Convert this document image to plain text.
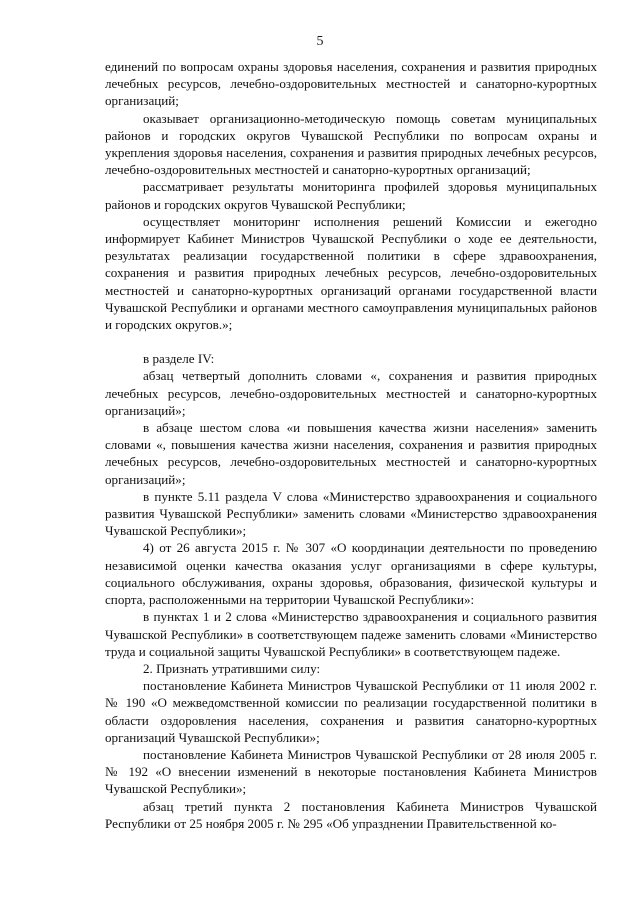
5

единений по вопросам охраны здоровья населения, сохранения и развития природных лечебных ресурсов, лечебно-оздоровительных местностей и санаторно-курортных организаций;

оказывает организационно-методическую помощь советам муниципальных районов и городских округов Чувашской Республики по вопросам охраны и укрепления здоровья населения, сохранения и развития природных лечебных ресурсов, лечебно-оздоровительных местностей и санаторно-курортных организаций;

рассматривает результаты мониторинга профилей здоровья муниципальных районов и городских округов Чувашской Республики;

осуществляет мониторинг исполнения решений Комиссии и ежегодно информирует Кабинет Министров Чувашской Республики о ходе ее деятельности, результатах реализации государственной политики в сфере здравоохранения, сохранения и развития природных лечебных ресурсов, лечебно-оздоровительных местностей и санаторно-курортных организаций органами государственной власти Чувашской Республики и органами местного самоуправления муниципальных районов и городских округов.»;

в разделе IV:

абзац четвертый дополнить словами «, сохранения и развития природных лечебных ресурсов, лечебно-оздоровительных местностей и санаторно-курортных организаций»;

в абзаце шестом слова «и повышения качества жизни населения» заменить словами «, повышения качества жизни населения, сохранения и развития природных лечебных ресурсов, лечебно-оздоровительных местностей и санаторно-курортных организаций»;

в пункте 5.11 раздела V слова «Министерство здравоохранения и социального развития Чувашской Республики» заменить словами «Министерство здравоохранения Чувашской Республики»;

4) от 26 августа 2015 г. № 307 «О координации деятельности по проведению независимой оценки качества оказания услуг организациями в сфере культуры, социального обслуживания, охраны здоровья, образования, физической культуры и спорта, расположенными на территории Чувашской Республики»:

в пунктах 1 и 2 слова «Министерство здравоохранения и социального развития Чувашской Республики» в соответствующем падеже заменить словами «Министерство труда и социальной защиты Чувашской Республики» в соответствующем падеже.

2. Признать утратившими силу:

постановление Кабинета Министров Чувашской Республики от 11 июля 2002 г. № 190 «О межведомственной комиссии по реализации государственной политики в области оздоровления населения, сохранения и развития санаторно-курортных организаций Чувашской Республики»;

постановление Кабинета Министров Чувашской Республики от 28 июля 2005 г. № 192 «О внесении изменений в некоторые постановления Кабинета Министров Чувашской Республики»;

абзац третий пункта 2 постановления Кабинета Министров Чувашской Республики от 25 ноября 2005 г. № 295 «Об упразднении Правительственной ко-
